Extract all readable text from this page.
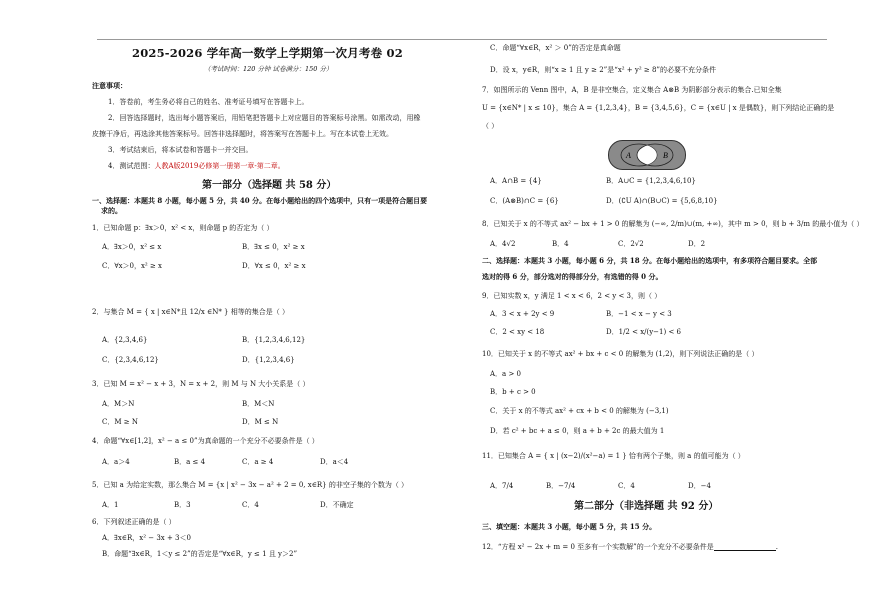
2025-2026 学年高一数学上学期第一次月考卷 02
（考试时间：120 分钟 试卷满分：150 分）
注意事项：
1．答卷前，考生务必将自己的姓名、准考证号填写在答题卡上。
2．回答选择题时，选出每小题答案后，用铅笔把答题卡上对应题目的答案标号涂黑。如需改动，用橡
皮擦干净后，再选涂其他答案标号。回答非选择题时，将答案写在答题卡上。写在本试卷上无效。
3．考试结束后，将本试卷和答题卡一并交回。
4．测试范围：人教A版2019必修第一册第一章-第二章。
第一部分（选择题 共 58 分）
一、选择题：本题共 8 小题，每小题 5 分，共 40 分。在每小题给出的四个选项中，只有一项是符合题目要
求的。
1．已知命题 p：∃x＞0，x² < x，则命题 p 的否定为（ ）
A．∃x＞0，x² ≤ x	B．∃x ≤ 0，x² ≥ x
C．∀x＞0，x² ≥ x	D．∀x ≤ 0，x² ≥ x
2．与集合 M = { x | x∈N*且 12/x ∈N* } 相等的集合是（ ）
A．{2,3,4,6}	B．{1,2,3,4,6,12}
C．{2,3,4,6,12}	D．{1,2,3,4,6}
3．已知 M = x² − x + 3，N = x + 2，则 M 与 N 大小关系是（ ）
A．M＞N	B．M＜N
C．M ≥ N	D．M ≤ N
4．命题“∀x∈[1,2]，x² − a ≤ 0”为真命题的一个充分不必要条件是（ ）
A．a＞4	B．a ≤ 4	C．a ≥ 4	D．a＜4
5．已知 a 为给定实数，那么集合 M = {x | x² − 3x − a² + 2 = 0, x∈R} 的非空子集的个数为（ ）
A．1	B．3	C．4	D．不确定
6．下列叙述正确的是（ ）
A．∃x∈R，x² − 3x + 3＜0
B．命题“∃x∈R，1＜y ≤ 2”的否定是“∀x∈R，y ≤ 1 且 y＞2”
C．命题“∀x∈R，x² ＞ 0”的否定是真命题
D．设 x，y∈R，则“x ≥ 1 且 y ≥ 2”是“x² + y² ≥ 8”的必要不充分条件
7．如图所示的 Venn 图中，A，B 是非空集合，定义集合 A⊗B 为阴影部分表示的集合.已知全集
U = {x∈N* | x ≤ 10}，集合 A = {1,2,3,4}，B = {3,4,5,6}，C = {x∈U | x 是偶数}，则下列结论正确的是
（ ）
A	B
A．A∩B = {4}	B．A∪C = {1,2,3,4,6,10}
C．(A⊗B)∩C = {6}	D．(∁U A)∩(B∪C) = {5,6,8,10}
8．已知关于 x 的不等式 ax² − bx + 1 > 0 的解集为 (−∞, 2/m)∪(m, +∞)，其中 m > 0，则 b + 3/m 的最小值为（ ）
A．4√2	B．4	C．2√2	D．2
二、选择题：本题共 3 小题，每小题 6 分，共 18 分。在每小题给出的选项中，有多项符合题目要求。全部
选对的得 6 分，部分选对的得部分分，有选错的得 0 分。
9．已知实数 x，y 满足 1 < x < 6，2 < y < 3，则（ ）
A．3 < x + 2y < 9	B．−1 < x − y < 3
C．2 < xy < 18	D．1/2 < x/(y−1) < 6
10．已知关于 x 的不等式 ax² + bx + c < 0 的解集为 (1,2)，则下列说法正确的是（ ）
A．a > 0
B．b + c > 0
C．关于 x 的不等式 ax² + cx + b < 0 的解集为 (−3,1)
D．若 c² + bc + a ≤ 0，则 a + b + 2c 的最大值为 1
11．已知集合 A = { x | (x−2)/(x²−a) = 1 } 恰有两个子集，则 a 的值可能为（ ）
A．7/4	B．−7/4	C．4	D．−4
第二部分（非选择题 共 92 分）
三、填空题：本题共 3 小题，每小题 5 分，共 15 分。
12．“方程 x² − 2x + m = 0 至多有一个实数解”的一个充分不必要条件是	.
